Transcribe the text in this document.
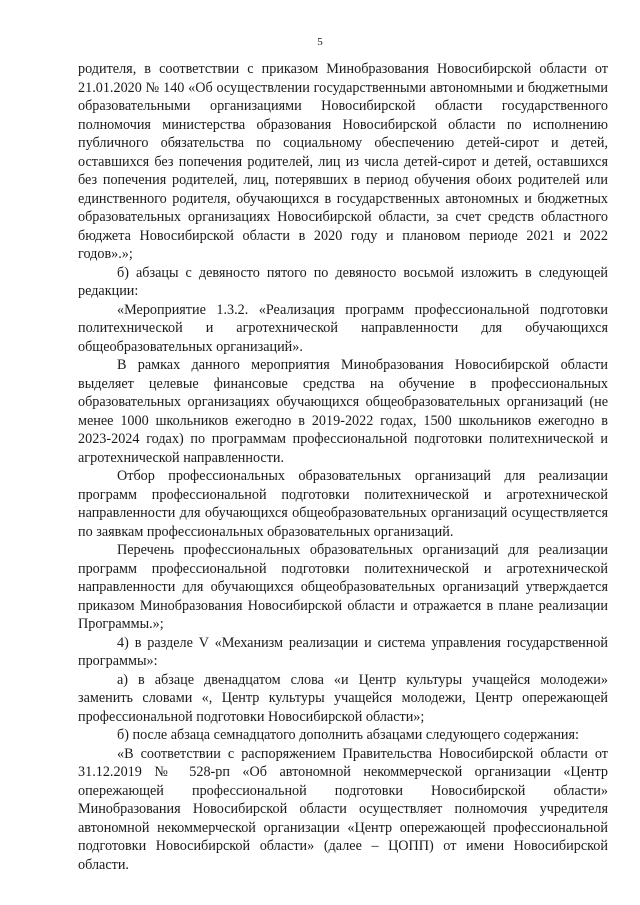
5

родителя, в соответствии с приказом Минобразования Новосибирской области от 21.01.2020 № 140 «Об осуществлении государственными автономными и бюджетными образовательными организациями Новосибирской области государственного полномочия министерства образования Новосибирской области по исполнению публичного обязательства по социальному обеспечению детей-сирот и детей, оставшихся без попечения родителей, лиц из числа детей-сирот и детей, оставшихся без попечения родителей, лиц, потерявших в период обучения обоих родителей или единственного родителя, обучающихся в государственных автономных и бюджетных образовательных организациях Новосибирской области, за счет средств областного бюджета Новосибирской области в 2020 году и плановом периоде 2021 и 2022 годов».»;

б) абзацы с девяносто пятого по девяносто восьмой изложить в следующей редакции:

«Мероприятие 1.3.2. «Реализация программ профессиональной подготовки политехнической и агротехнической направленности для обучающихся общеобразовательных организаций».

В рамках данного мероприятия Минобразования Новосибирской области выделяет целевые финансовые средства на обучение в профессиональных образовательных организациях обучающихся общеобразовательных организаций (не менее 1000 школьников ежегодно в 2019-2022 годах, 1500 школьников ежегодно в 2023-2024 годах) по программам профессиональной подготовки политехнической и агротехнической направленности.

Отбор профессиональных образовательных организаций для реализации программ профессиональной подготовки политехнической и агротехнической направленности для обучающихся общеобразовательных организаций осуществляется по заявкам профессиональных образовательных организаций.

Перечень профессиональных образовательных организаций для реализации программ профессиональной подготовки политехнической и агротехнической направленности для обучающихся общеобразовательных организаций утверждается приказом Минобразования Новосибирской области и отражается в плане реализации Программы.»;

4) в разделе V «Механизм реализации и система управления государственной программы»:

а) в абзаце двенадцатом слова «и Центр культуры учащейся молодежи» заменить словами «, Центр культуры учащейся молодежи, Центр опережающей профессиональной подготовки Новосибирской области»;

б) после абзаца семнадцатого дополнить абзацами следующего содержания:

«В соответствии с распоряжением Правительства Новосибирской области от 31.12.2019 № 528-рп «Об автономной некоммерческой организации «Центр опережающей профессиональной подготовки Новосибирской области» Минобразования Новосибирской области осуществляет полномочия учредителя автономной некоммерческой организации «Центр опережающей профессиональной подготовки Новосибирской области» (далее – ЦОПП) от имени Новосибирской области.
